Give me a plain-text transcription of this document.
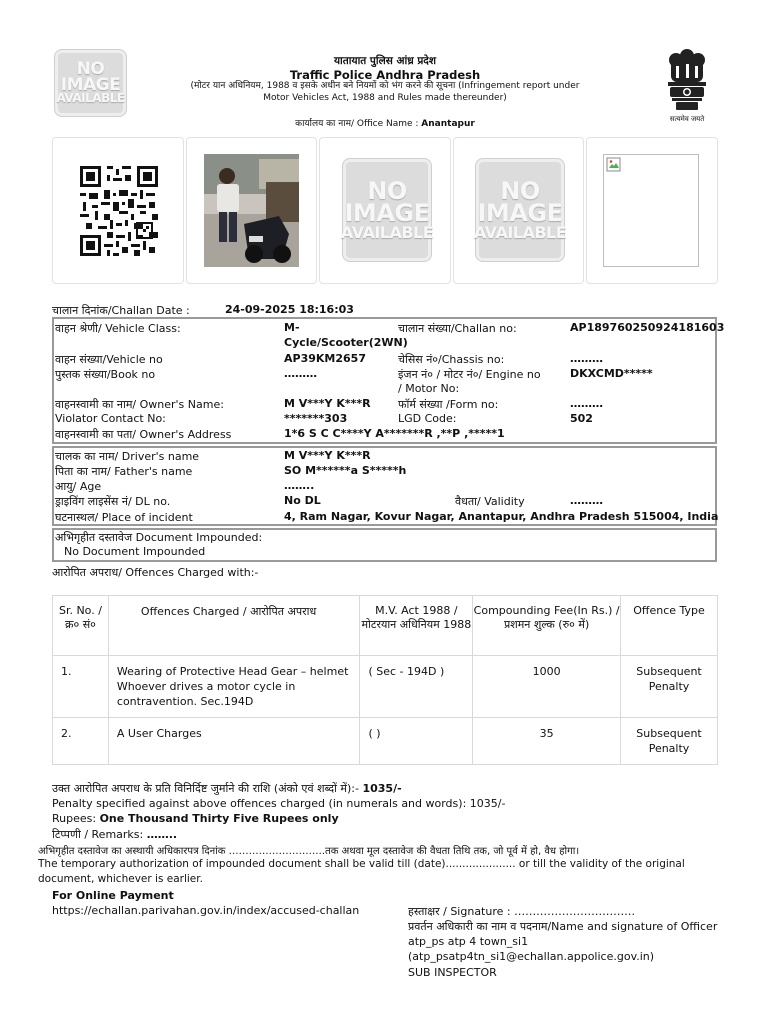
NO
IMAGE
AVAILABLE
यातायात पुलिस आंध्र प्रदेश
Traffic Police Andhra Pradesh
(मोटर यान अधिनियम, 1988 व इसके अधीन बने नियमों को भंग करने की सूचना (Infringement report under
Motor Vehicles Act, 1988 and Rules made thereunder)
कार्यालय का नाम/ Office Name : Anantapur	सत्यमेव जयते
NO
IMAGE
AVAILABLE
NO
IMAGE
AVAILABLE
चालान दिनांक/Challan Date :	24-09-2025 18:16:03
वाहन श्रेणी/ Vehicle Class:	M-
Cycle/Scooter(2WN)
चालान संख्या/Challan no:	AP189760250924181603
वाहन संख्या/Vehicle no	AP39KM2657	चेसिस नं०/Chassis no:	………
पुस्तक संख्या/Book no	………	इंजन नं० / मोटर नं०/ Engine no
/ Motor No:
DKXCMD*****
वाहनस्वामी का नाम/ Owner's Name:	M V***Y K***R फॉर्म संख्या /Form no:	………
Violator Contact No:	*******303	LGD Code:	502
वाहनस्वामी का पता/ Owner's Address	1*6 S C C****Y A*******R ,**P ,*****1
चालक का नाम/ Driver's name	M V***Y K***R
पिता का नाम/ Father's name	SO M******a S*****h
आयु/ Age	……..
ड्राइविंग लाइसेंस नं/ DL no.	No DL	वैधता/ Validity	………
घटनास्थल/ Place of incident	4, Ram Nagar, Kovur Nagar, Anantapur, Andhra Pradesh 515004, India
अभिगृहीत दस्तावेज Document Impounded:
No Document Impounded
आरोपित अपराध/ Offences Charged with:-
Sr. No. / क्र० सं०	Offences Charged / आरोपित अपराध	M.V. Act 1988 / मोटरयान अधिनियम 1988	Compounding Fee(In Rs.) / प्रशमन शुल्क (रु० में)	Offence Type
1.	Wearing of Protective Head Gear – helmet Whoever drives a motor cycle in contravention. Sec.194D	( Sec - 194D )	1000	Subsequent Penalty
2.	A User Charges	( )	35	Subsequent Penalty
उक्त आरोपित अपराध के प्रति विनिर्दिष्ट जुर्माने की राशि (अंको एवं शब्दों में):- 1035/-
Penalty specified against above offences charged (in numerals and words): 1035/-
Rupees: One Thousand Thirty Five Rupees only
टिप्पणी / Remarks: ……..
अभिगृहीत दस्तावेज का अस्थायी अधिकारपत्र दिनांक ………………………..तक अथवा मूल दस्तावेज की वैधता तिथि तक, जो पूर्व में हो, वैध होगा।
The temporary authorization of impounded document shall be valid till (date)..................... or till the validity of the original
document, whichever is earlier.
For Online Payment
https://echallan.parivahan.gov.in/index/accused-challan	हस्ताक्षर / Signature : ……………………………
प्रवर्तन अधिकारी का नाम व पदनाम/Name and signature of Officer
atp_ps atp 4 town_si1
(atp_psatp4tn_si1@echallan.appolice.gov.in)
SUB INSPECTOR
